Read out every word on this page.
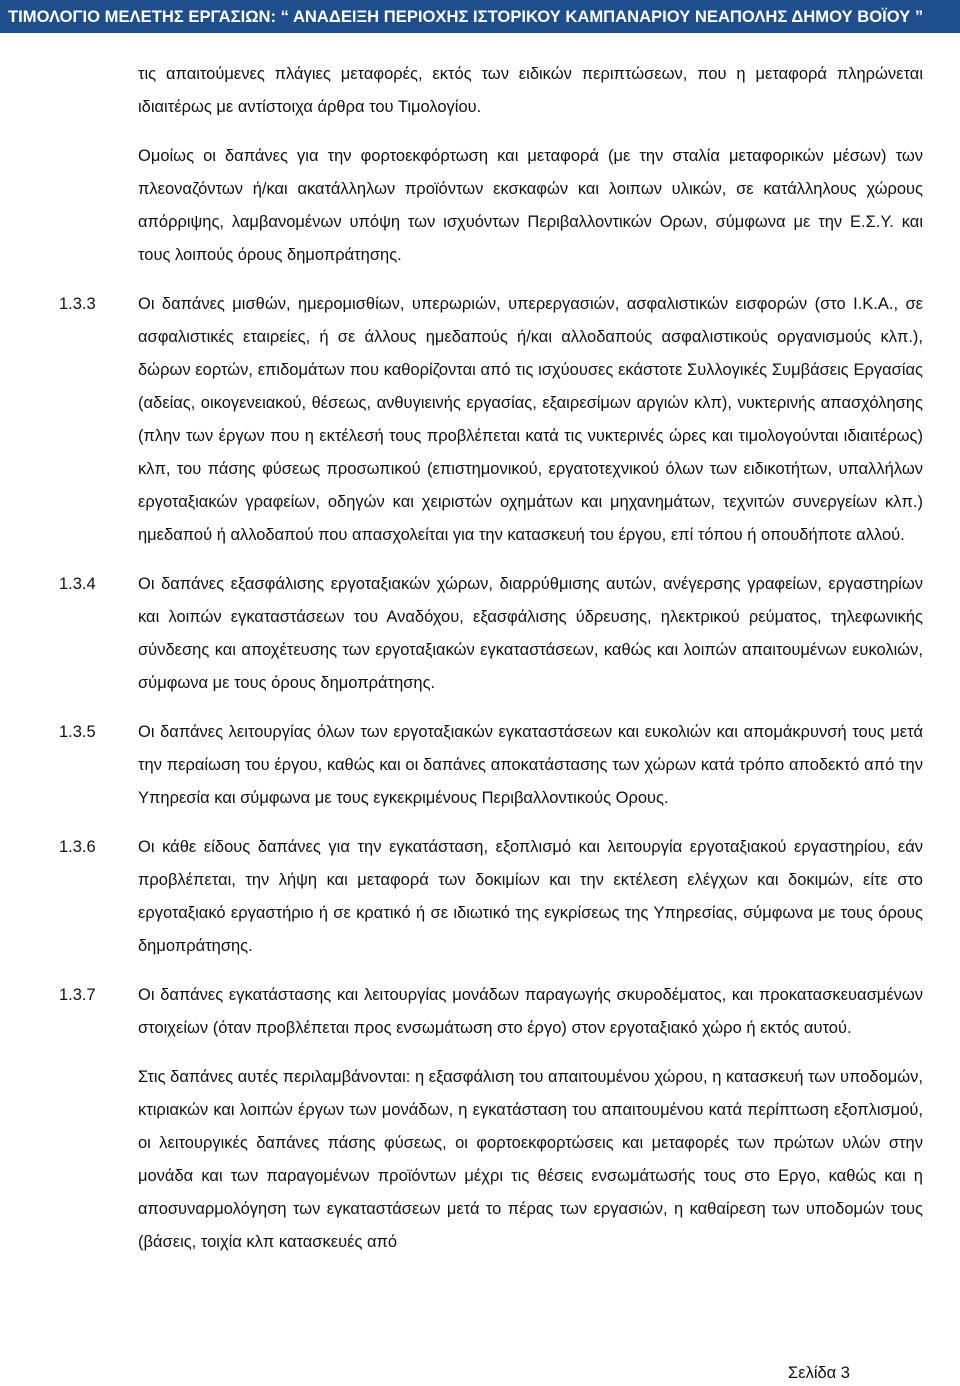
ΤΙΜΟΛΟΓΙΟ ΜΕΛΕΤΗΣ ΕΡΓΑΣΙΩΝ: “ ΑΝΑΔΕΙΞΗ ΠΕΡΙΟΧΗΣ ΙΣΤΟΡΙΚΟΥ ΚΑΜΠΑΝΑΡΙΟΥ ΝΕΑΠΟΛΗΣ ΔΗΜΟΥ ΒΟΪΟΥ ”

τις απαιτούμενες πλάγιες μεταφορές, εκτός των ειδικών περιπτώσεων, που η μεταφορά πληρώνεται ιδιαιτέρως με αντίστοιχα άρθρα του Τιμολογίου.

Ομοίως οι δαπάνες για την φορτοεκφόρτωση και μεταφορά (με την σταλία μεταφορικών μέσων) των πλεοναζόντων ή/και ακατάλληλων προϊόντων εκσκαφών και λοιπων υλικών, σε κατάλληλους χώρους απόρριψης, λαμβανομένων υπόψη των ισχυόντων Περιβαλλοντικών Ορων, σύμφωνα με την Ε.Σ.Υ. και τους λοιπούς όρους δημοπράτησης.

1.3.3	Οι δαπάνες μισθών, ημερομισθίων, υπερωριών, υπερεργασιών, ασφαλιστικών εισφορών (στο Ι.Κ.Α., σε ασφαλιστικές εταιρείες, ή σε άλλους ημεδαπούς ή/και αλλοδαπούς ασφαλιστικούς οργανισμούς κλπ.), δώρων εορτών, επιδομάτων που καθορίζονται από τις ισχύουσες εκάστοτε Συλλογικές Συμβάσεις Εργασίας (αδείας, οικογενειακού, θέσεως, ανθυγιεινής εργασίας, εξαιρεσίμων αργιών κλπ), νυκτερινής απασχόλησης (πλην των έργων που η εκτέλεσή τους προβλέπεται κατά τις νυκτερινές ώρες και τιμολογούνται ιδιαιτέρως) κλπ, του πάσης φύσεως προσωπικού (επιστημονικού, εργατοτεχνικού όλων των ειδικοτήτων, υπαλλήλων εργοταξιακών γραφείων, οδηγών και χειριστών οχημάτων και μηχανημάτων, τεχνιτών συνεργείων κλπ.) ημεδαπού ή αλλοδαπού που απασχολείται για την κατασκευή του έργου, επί τόπου ή οπουδήποτε αλλού.

1.3.4	Οι δαπάνες εξασφάλισης εργοταξιακών χώρων, διαρρύθμισης αυτών, ανέγερσης γραφείων, εργαστηρίων και λοιπών εγκαταστάσεων του Αναδόχου, εξασφάλισης ύδρευσης, ηλεκτρικού ρεύματος, τηλεφωνικής σύνδεσης και αποχέτευσης των εργοταξιακών εγκαταστάσεων, καθώς και λοιπών απαιτουμένων ευκολιών, σύμφωνα με τους όρους δημοπράτησης.

1.3.5	Οι δαπάνες λειτουργίας όλων των εργοταξιακών εγκαταστάσεων και ευκολιών και απομάκρυνσή τους μετά την περαίωση του έργου, καθώς και οι δαπάνες αποκατάστασης των χώρων κατά τρόπο αποδεκτό από την Υπηρεσία και σύμφωνα με τους εγκεκριμένους Περιβαλλοντικούς Ορους.

1.3.6	Οι κάθε είδους δαπάνες για την εγκατάσταση, εξοπλισμό και λειτουργία εργοταξιακού εργαστηρίου, εάν προβλέπεται, την λήψη και μεταφορά των δοκιμίων και την εκτέλεση ελέγχων και δοκιμών, είτε στο εργοταξιακό εργαστήριο ή σε κρατικό ή σε ιδιωτικό της εγκρίσεως της Υπηρεσίας, σύμφωνα με τους όρους δημοπράτησης.

1.3.7	Οι δαπάνες εγκατάστασης και λειτουργίας μονάδων παραγωγής σκυροδέματος, και προκατασκευασμένων στοιχείων (όταν προβλέπεται προς ενσωμάτωση στο έργο) στον εργοταξιακό χώρο ή εκτός αυτού.

Στις δαπάνες αυτές περιλαμβάνονται: η εξασφάλιση του απαιτουμένου χώρου, η κατασκευή των υποδομών, κτιριακών και λοιπών έργων των μονάδων, η εγκατάσταση του απαιτουμένου κατά περίπτωση εξοπλισμού, οι λειτουργικές δαπάνες πάσης φύσεως, οι φορτοεκφορτώσεις και μεταφορές των πρώτων υλών στην μονάδα και των παραγομένων προϊόντων μέχρι τις θέσεις ενσωμάτωσής τους στο Εργο, καθώς και η αποσυναρμολόγηση των εγκαταστάσεων μετά το πέρας των εργασιών, η καθαίρεση των υποδομών τους (βάσεις, τοιχία κλπ κατασκευές από

Σελίδα 3
